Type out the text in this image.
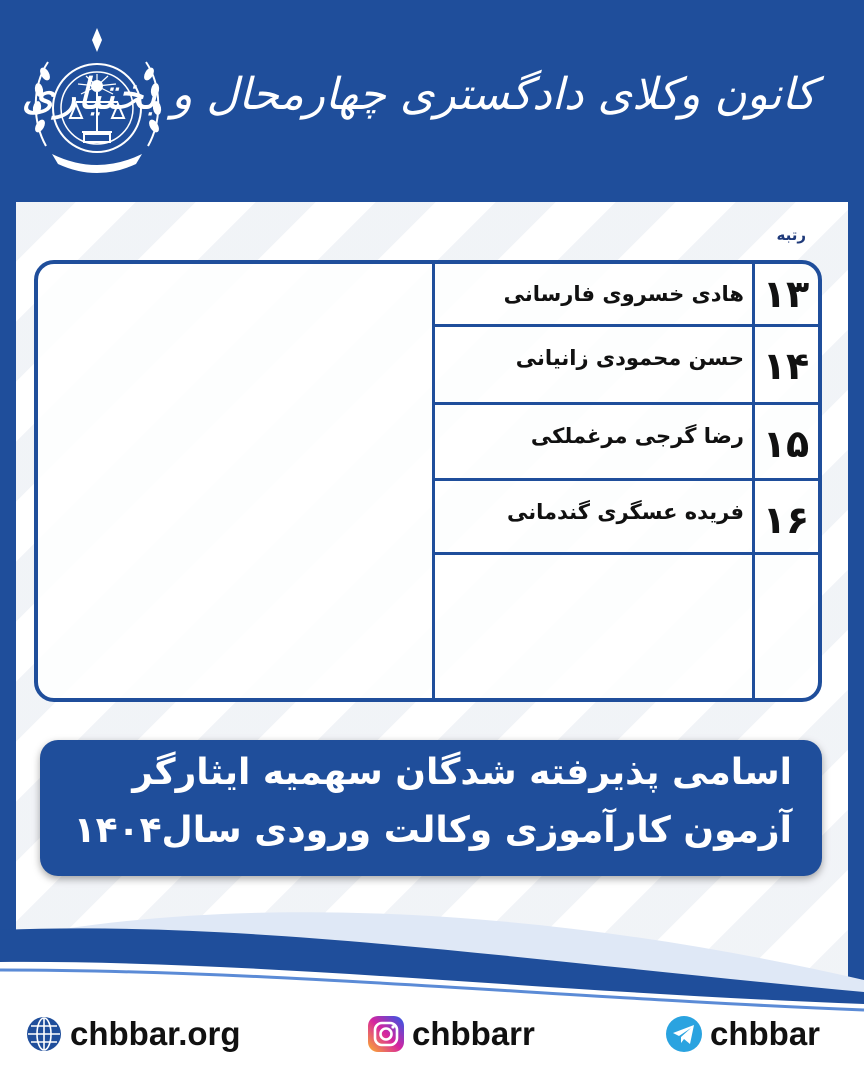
کانون وکلای دادگستری چهارمحال و بختیاری
رتبه
۱۳
هادی خسروی فارسانی
۱۴
حسن محمودی زانیانی
۱۵
رضا گرجی مرغملکی
۱۶
فریده عسگری گندمانی
اسامی پذیرفته شدگان سهمیه ایثارگر
آزمون کارآموزی وکالت ورودی سال۱۴۰۴
chbbar.org	chbbarr	chbbar
